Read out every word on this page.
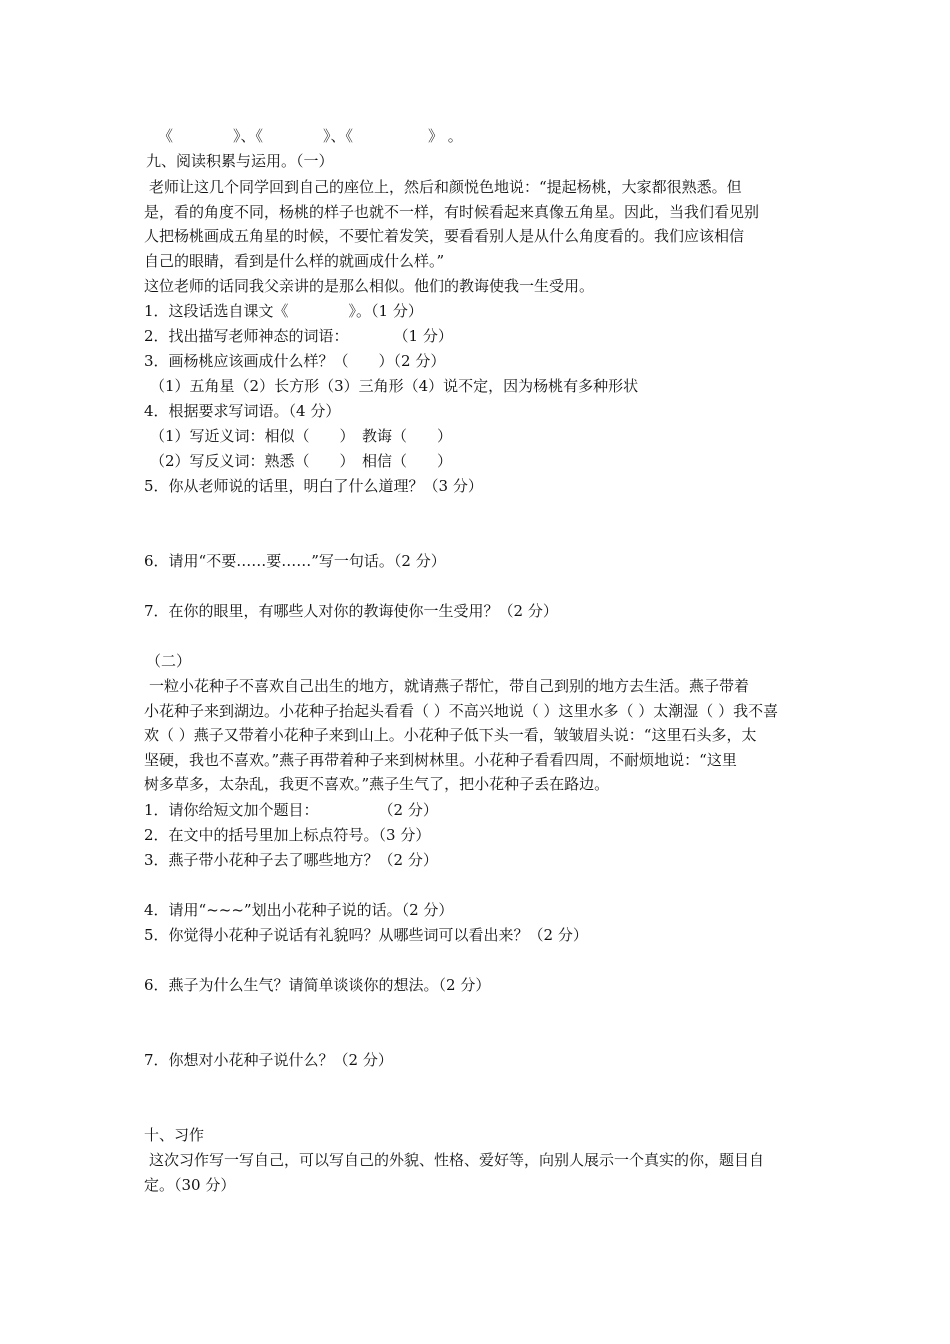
《　　　　》、《　　　　》、《　　　　　》 。
九、阅读积累与运用。（一）
老师让这几个同学回到自己的座位上，然后和颜悦色地说：“提起杨桃，大家都很熟悉。但
是，看的角度不同，杨桃的样子也就不一样，有时候看起来真像五角星。因此，当我们看见别
人把杨桃画成五角星的时候，不要忙着发笑，要看看别人是从什么角度看的。我们应该相信
自己的眼睛，看到是什么样的就画成什么样。”
这位老师的话同我父亲讲的是那么相似。他们的教诲使我一生受用。
1．这段话选自课文《　　　　》。（1 分）
2．找出描写老师神态的词语：　　　　（1 分）
3．画杨桃应该画成什么样？（　　）（2 分）
（1）五角星（2）长方形（3）三角形（4）说不定，因为杨桃有多种形状
4．根据要求写词语。（4 分）
（1）写近义词：相似（　　）　教诲（　　）
（2）写反义词：熟悉（　　）　相信（　　）
5．你从老师说的话里，明白了什么道理？（3 分）
6．请用“不要……要……”写一句话。（2 分）
7．在你的眼里，有哪些人对你的教诲使你一生受用？（2 分）
（二）
一粒小花种子不喜欢自己出生的地方，就请燕子帮忙，带自己到别的地方去生活。燕子带着
小花种子来到湖边。小花种子抬起头看看（ ）不高兴地说（ ）这里水多（ ）太潮湿（ ）我不喜
欢（ ）燕子又带着小花种子来到山上。小花种子低下头一看，皱皱眉头说：“这里石头多，太
坚硬，我也不喜欢。”燕子再带着种子来到树林里。小花种子看看四周，不耐烦地说：“这里
树多草多，太杂乱，我更不喜欢。”燕子生气了，把小花种子丢在路边。
1．请你给短文加个题目：　　　　　（2 分）
2．在文中的括号里加上标点符号。（3 分）
3．燕子带小花种子去了哪些地方？（2 分）
4．请用“~~~”划出小花种子说的话。（2 分）
5．你觉得小花种子说话有礼貌吗？从哪些词可以看出来？（2 分）
6．燕子为什么生气？请简单谈谈你的想法。（2 分）
7．你想对小花种子说什么？（2 分）
十、习作
这次习作写一写自己，可以写自己的外貌、性格、爱好等，向别人展示一个真实的你，题目自
定。（30 分）
